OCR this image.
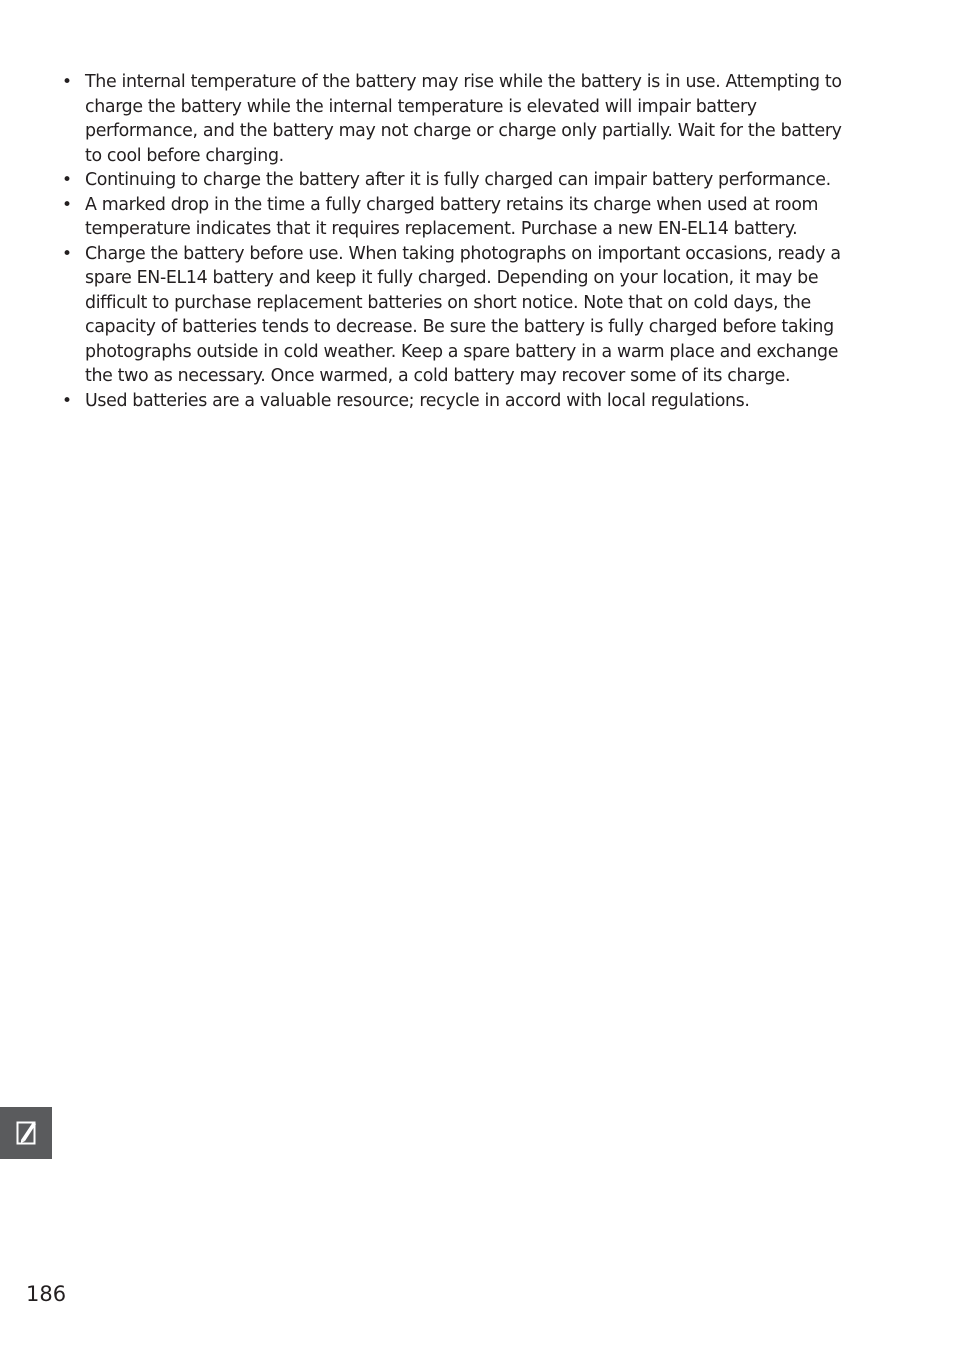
• The internal temperature of the battery may rise while the battery is in use. Attempting to charge the battery while the internal temperature is elevated will impair battery performance, and the battery may not charge or charge only partially. Wait for the battery to cool before charging.
• Continuing to charge the battery after it is fully charged can impair battery performance.
• A marked drop in the time a fully charged battery retains its charge when used at room temperature indicates that it requires replacement. Purchase a new EN-EL14 battery.
• Charge the battery before use. When taking photographs on important occasions, ready a spare EN-EL14 battery and keep it fully charged. Depending on your location, it may be difficult to purchase replacement batteries on short notice. Note that on cold days, the capacity of batteries tends to decrease. Be sure the battery is fully charged before taking photographs outside in cold weather. Keep a spare battery in a warm place and exchange the two as necessary. Once warmed, a cold battery may recover some of its charge.
• Used batteries are a valuable resource; recycle in accord with local regulations.
186
